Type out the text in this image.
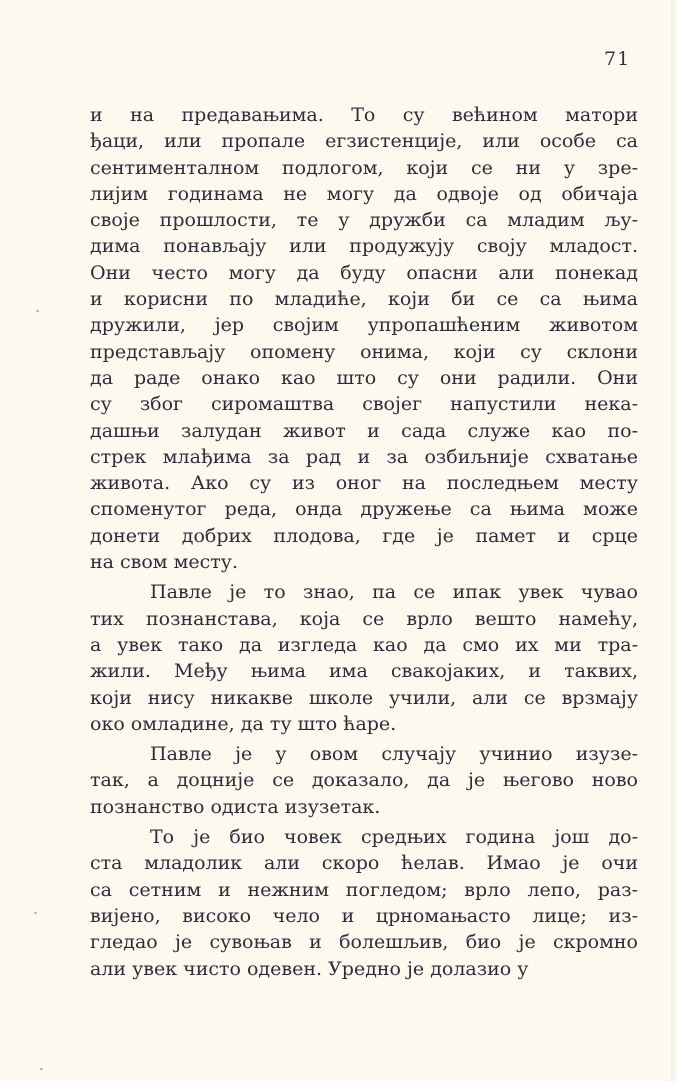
71
и на предавањима. То су већином матори
ђаци, или пропале егзистенције, или особе са
сентименталном подлогом, који се ни у зре-
лијим годинама не могу да одвоје од обичаја
своје прошлости, те у дружби са младим љу-
дима понављају или продужују своју младост.
Они често могу да буду опасни али понекад
и корисни по младиће, који би се са њима
дружили, јер својим упропашћеним животом
представљају опомену онима, који су склони
да раде онако као што су они радили. Они
су због сиромаштва својег напустили нека-
дашњи залудан живот и сада служе као по-
стрек млађима за рад и за озбиљније схватање
живота. Ако су из оног на последњем месту
споменутог реда, онда дружење са њима може
донети добрих плодова, где је памет и срце
на свом месту.
Павле је то знао, па се ипак увек чувао
тих познанстава, која се врло вешто намећу,
а увек тако да изгледа као да смо их ми тра-
жили. Међу њима има свакојаких, и таквих,
који нису никакве школе учили, али се врзмају
око омладине, да ту што ћаре.
Павле је у овом случају учинио изузе-
так, а доцније се доказало, да је његово ново
познанство одиста изузетак.
То је био човек средњих година још до-
ста младолик али скоро ћелав. Имао је очи
са сетним и нежним погледом; врло лепо, раз-
вијено, високо чело и црномањасто лице; из-
гледао је сувоњав и болешљив, био је скромно
али увек чисто одевен. Уредно је долазио у
